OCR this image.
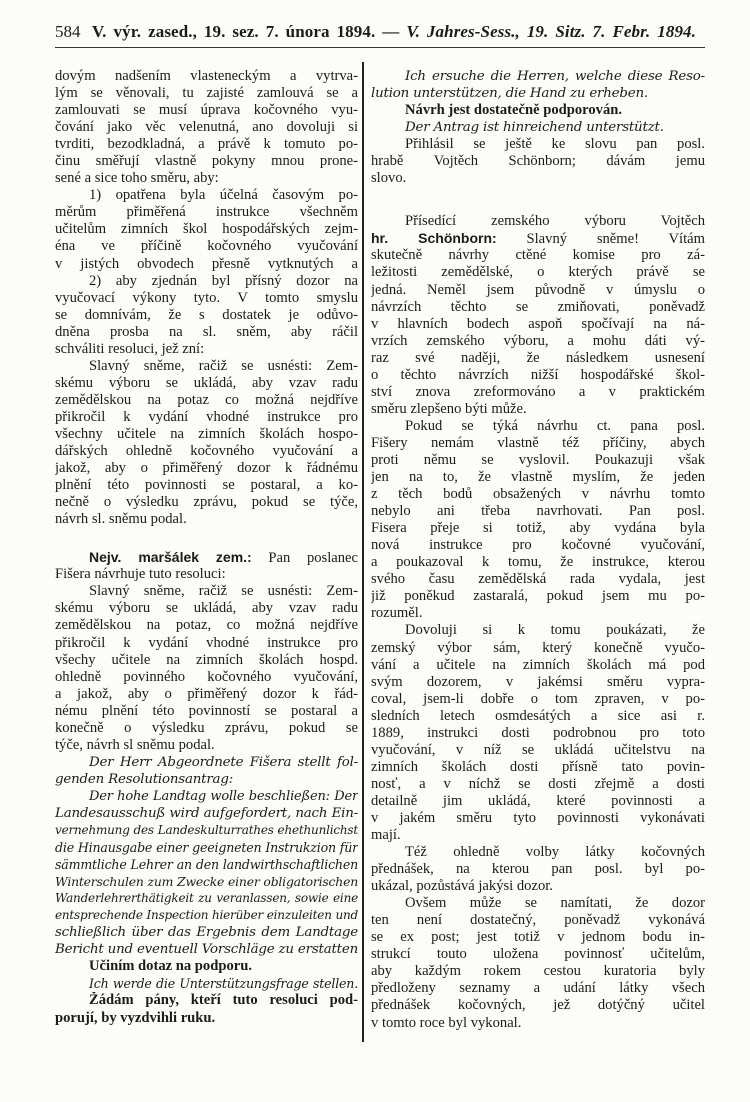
584 V. výr. zased., 19. sez. 7. února 1894. — V. Jahres-Sess., 19. Sitz. 7. Febr. 1894.
dovým nadšením vlasteneckým a vytrva-
lým se věnovali, tu zajisté zamlouvá se a
zamlouvati se musí úprava kočovného vyu-
čování jako věc velenutná, ano dovoluji si
tvrditi, bezodkladná, a právě k tomuto po-
činu směřují vlastně pokyny mnou prone-
sené a sice toho směru, aby:
1) opatřena byla účelná časovým po-
měrům přiměřená instrukce všechněm
učitelům zimních škol hospodářských zejm-
éna ve příčině kočovného vyučování
v jistých obvodech přesně vytknutých a
2) aby zjednán byl přísný dozor na
vyučovací výkony tyto. V tomto smyslu
se domnívám, že s dostatek je odůvo-
dněna prosba na sl. sněm, aby ráčil
schváliti resoluci, jež zní:
Slavný sněme, račiž se usnésti: Zem-
skému výboru se ukládá, aby vzav radu
zemědělskou na potaz co možná nejdříve
přikročil k vydání vhodné instrukce pro
všechny učitele na zimních školách hospo-
dářských ohledně kočovného vyučování a
jakož, aby o přiměřený dozor k řádnému
plnění této povinnosti se postaral, a ko-
nečně o výsledku zprávu, pokud se týče,
návrh sl. sněmu podal.
Nejv. maršálek zem.: Pan poslanec
Fišera návrhuje tuto resoluci:
Slavný sněme, račiž se usnésti: Zem-
skému výboru se ukládá, aby vzav radu
zemědělskou na potaz, co možná nejdříve
přikročil k vydání vhodné instrukce pro
všechy učitele na zimních školách hospd.
ohledně povinného kočovného vyučování,
a jakož, aby o přiměřený dozor k řád-
nému plnění této povinností se postaral a
konečně o výsledku zprávu, pokud se
týče, návrh sl sněmu podal.
Der Herr Abgeordnete Fišera stellt fol-
genden Resolutionsantrag:
Der hohe Landtag wolle beschließen: Der
Landesausschuß wird aufgefordert, nach Ein-
vernehmung des Landeskulturrathes ehethunlichst
die Hinausgabe einer geeigneten Instrukzion für
sämmtliche Lehrer an den landwirthschaftlichen
Winterschulen zum Zwecke einer obligatorischen
Wanderlehrerthätigkeit zu veranlassen, sowie eine
entsprechende Inspection hierüber einzuleiten und
schließlich über das Ergebnis dem Landtage
Bericht und eventuell Vorschläge zu erstatten
Učiním dotaz na podporu.
Ich werde die Unterstützungsfrage stellen.
Žádám pány, kteří tuto resoluci pod-
porují, by vyzdvihli ruku.
Ich ersuche die Herren, welche diese Reso-
lution unterstützen, die Hand zu erheben.
Návrh jest dostatečně podporován.
Der Antrag ist hinreichend unterstützt.
Přihlásil se ještě ke slovu pan posl.
hrabě Vojtěch Schönborn; dávám jemu
slovo.
Přísedící zemského výboru Vojtěch
hr. Schönborn: Slavný sněme! Vítám
skutečně návrhy ctěné komise pro zá-
ležitosti zemědělské, o kterých právě se
jedná. Neměl jsem původně v úmyslu o
návrzích těchto se zmiňovati, poněvadž
v hlavních bodech aspoň spočívají na ná-
vrzích zemského výboru, a mohu dáti vý-
raz své naději, že následkem usnesení
o těchto návrzích nižší hospodářské škol-
ství znova zreformováno a v praktickém
směru zlepšeno býti může.
Pokud se týká návrhu ct. pana posl.
Fišery nemám vlastně též příčiny, abych
proti němu se vyslovil. Poukazuji však
jen na to, že vlastně myslím, že jeden
z těch bodů obsažených v návrhu tomto
nebylo ani třeba navrhovati. Pan posl.
Fisera přeje si totiž, aby vydána byla
nová instrukce pro kočovné vyučování,
a poukazoval k tomu, že instrukce, kterou
svého času zemědělská rada vydala, jest
již poněkud zastaralá, pokud jsem mu po-
rozuměl.
Dovoluji si k tomu poukázati, že
zemský výbor sám, který konečně vyučo-
vání a učitele na zimních školách má pod
svým dozorem, v jakémsi směru vypra-
coval, jsem-li dobře o tom zpraven, v po-
sledních letech osmdesátých a sice asi r.
1889, instrukci dosti podrobnou pro toto
vyučování, v níž se ukládá učitelstvu na
zimních školách dosti přísně tato povin-
nosť, a v níchž se dosti zřejmě a dosti
detailně jim ukládá, které povinnosti a
v jakém směru tyto povinnosti vykonávati
mají.
Též ohledně volby látky kočovných
přednášek, na kterou pan posl. byl po-
ukázal, pozůstává jakýsi dozor.
Ovšem může se namítati, že dozor
ten není dostatečný, poněvadž vykonává
se ex post; jest totiž v jednom bodu in-
strukcí touto uložena povinnosť učitelům,
aby každým rokem cestou kuratoria byly
předloženy seznamy a udání látky všech
přednášek kočovných, jež dotýčný učitel
v tomto roce byl vykonal.
